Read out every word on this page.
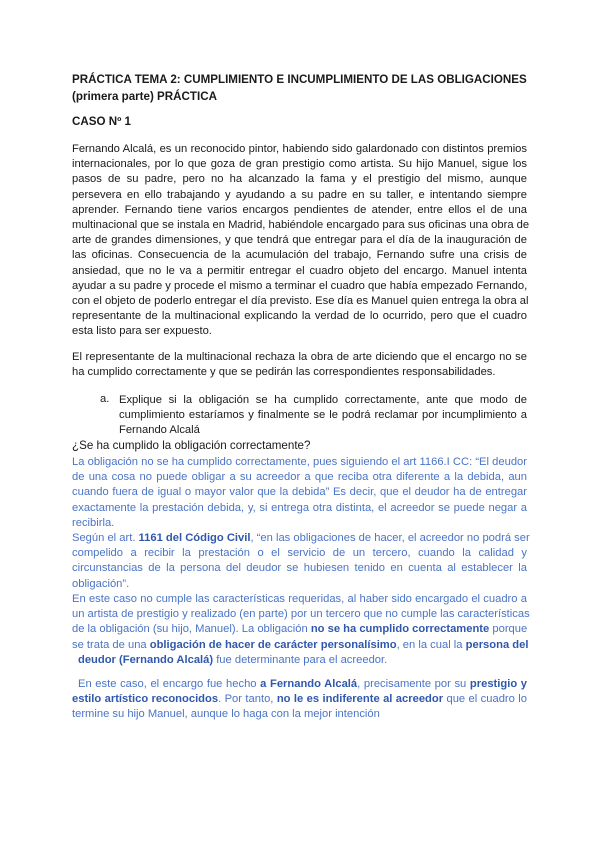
PRÁCTICA TEMA 2: CUMPLIMIENTO E INCUMPLIMIENTO DE LAS OBLIGACIONES
(primera parte) PRÁCTICA
CASO Nº 1
Fernando Alcalá, es un reconocido pintor, habiendo sido galardonado con distintos premios
internacionales, por lo que goza de gran prestigio como artista. Su hijo Manuel, sigue los
pasos de su padre, pero no ha alcanzado la fama y el prestigio del mismo, aunque
persevera en ello trabajando y ayudando a su padre en su taller, e intentando siempre
aprender. Fernando tiene varios encargos pendientes de atender, entre ellos el de una
multinacional que se instala en Madrid, habiéndole encargado para sus oficinas una obra de
arte de grandes dimensiones, y que tendrá que entregar para el día de la inauguración de
las oficinas. Consecuencia de la acumulación del trabajo, Fernando sufre una crisis de
ansiedad, que no le va a permitir entregar el cuadro objeto del encargo. Manuel intenta
ayudar a su padre y procede el mismo a terminar el cuadro que había empezado Fernando,
con el objeto de poderlo entregar el día previsto. Ese día es Manuel quien entrega la obra al
representante de la multinacional explicando la verdad de lo ocurrido, pero que el cuadro
esta listo para ser expuesto.
El representante de la multinacional rechaza la obra de arte diciendo que el encargo no se
ha cumplido correctamente y que se pedirán las correspondientes responsabilidades.
a. Explique si la obligación se ha cumplido correctamente, ante que modo de
cumplimiento estaríamos y finalmente se le podrá reclamar por incumplimiento a
Fernando Alcalá
¿Se ha cumplido la obligación correctamente?
La obligación no se ha cumplido correctamente, pues siguiendo el art 1166.I CC: “El deudor
de una cosa no puede obligar a su acreedor a que reciba otra diferente a la debida, aun
cuando fuera de igual o mayor valor que la debida” Es decir, que el deudor ha de entregar
exactamente la prestación debida, y, si entrega otra distinta, el acreedor se puede negar a
recibirla.
Según el art. 1161 del Código Civil, “en las obligaciones de hacer, el acreedor no podrá ser
compelido a recibir la prestación o el servicio de un tercero, cuando la calidad y
circunstancias de la persona del deudor se hubiesen tenido en cuenta al establecer la
obligación”.
En este caso no cumple las características requeridas, al haber sido encargado el cuadro a
un artista de prestigio y realizado (en parte) por un tercero que no cumple las características
de la obligación (su hijo, Manuel). La obligación no se ha cumplido correctamente porque
se trata de una obligación de hacer de carácter personalísimo, en la cual la persona del
deudor (Fernando Alcalá) fue determinante para el acreedor.
En este caso, el encargo fue hecho a Fernando Alcalá, precisamente por su prestigio y
estilo artístico reconocidos. Por tanto, no le es indiferente al acreedor que el cuadro lo
termine su hijo Manuel, aunque lo haga con la mejor intención
